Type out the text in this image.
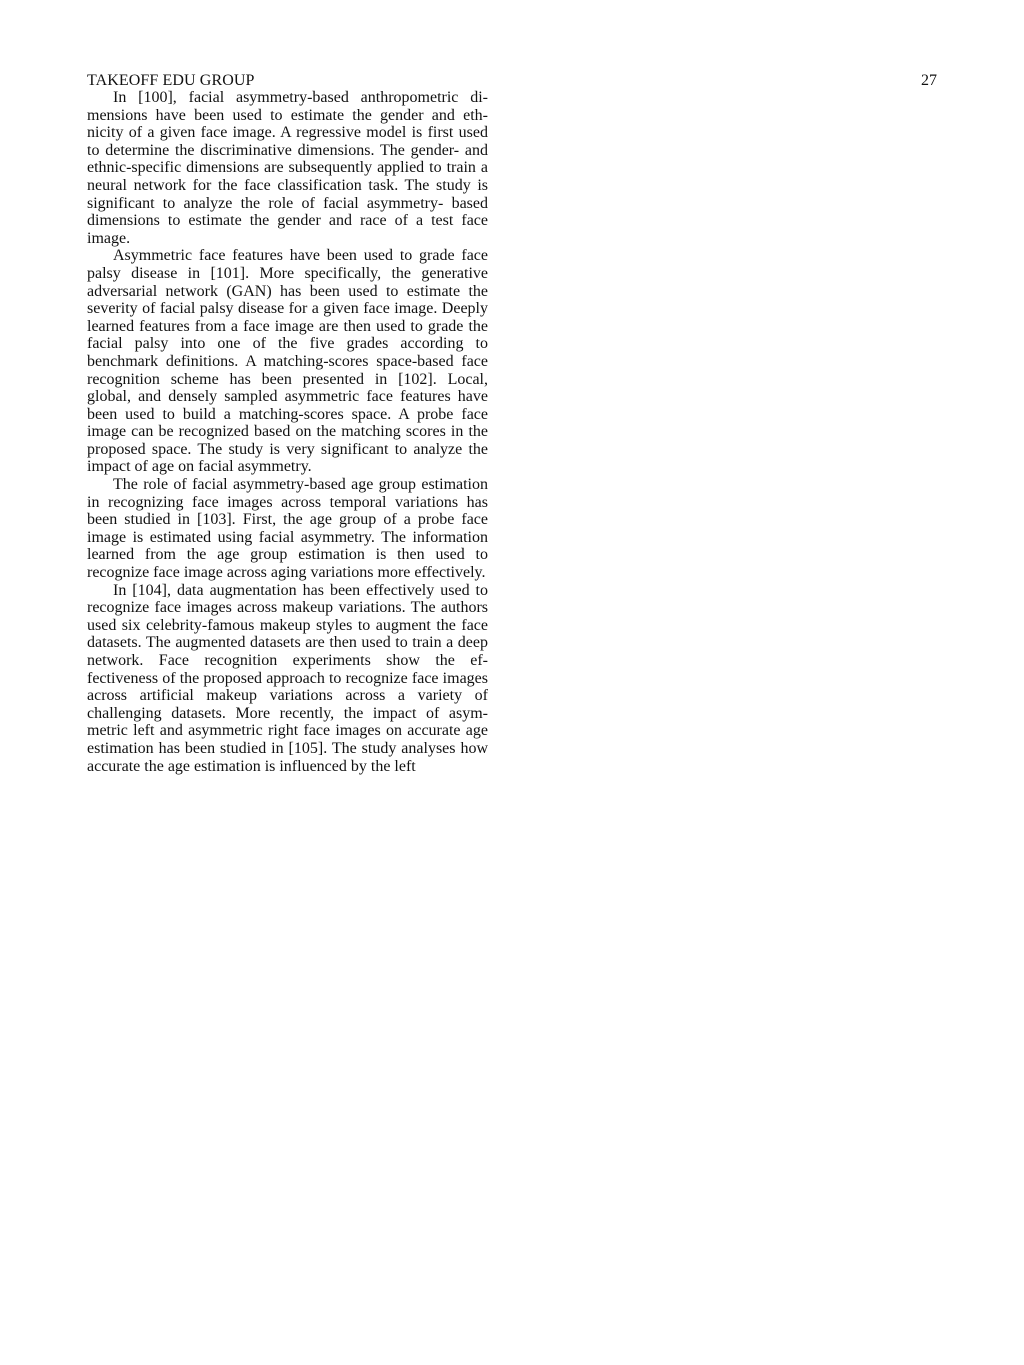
TAKEOFF EDU GROUP	27

In [100], facial asymmetry-based anthropometric di- mensions have been used to estimate the gender and eth- nicity of a given face image. A regressive model is first used to determine the discriminative dimensions. The gender- and ethnic-specific dimensions are subsequently applied to train a neural network for the face classification task. The study is significant to analyze the role of facial asymmetry- based dimensions to estimate the gender and race of a test face image.

Asymmetric face features have been used to grade face palsy disease in [101]. More specifically, the generative adversarial network (GAN) has been used to estimate the severity of facial palsy disease for a given face image. Deeply learned features from a face image are then used to grade the facial palsy into one of the five grades according to benchmark definitions. A matching-scores space-based face recognition scheme has been presented in [102]. Local, global, and densely sampled asymmetric face features have been used to build a matching-scores space. A probe face image can be recognized based on the matching scores in the proposed space. The study is very significant to analyze the impact of age on facial asymmetry.

The role of facial asymmetry-based age group estimation in recognizing face images across temporal variations has been studied in [103]. First, the age group of a probe face image is estimated using facial asymmetry. The information learned from the age group estimation is then used to recognize face image across aging variations more effectively.

In [104], data augmentation has been effectively used to recognize face images across makeup variations. The authors used six celebrity-famous makeup styles to augment the face datasets. The augmented datasets are then used to train a deep network. Face recognition experiments show the ef- fectiveness of the proposed approach to recognize face images across artificial makeup variations across a variety of challenging datasets. More recently, the impact of asym- metric left and asymmetric right face images on accurate age estimation has been studied in [105]. The study analyses how accurate the age estimation is influenced by the left
